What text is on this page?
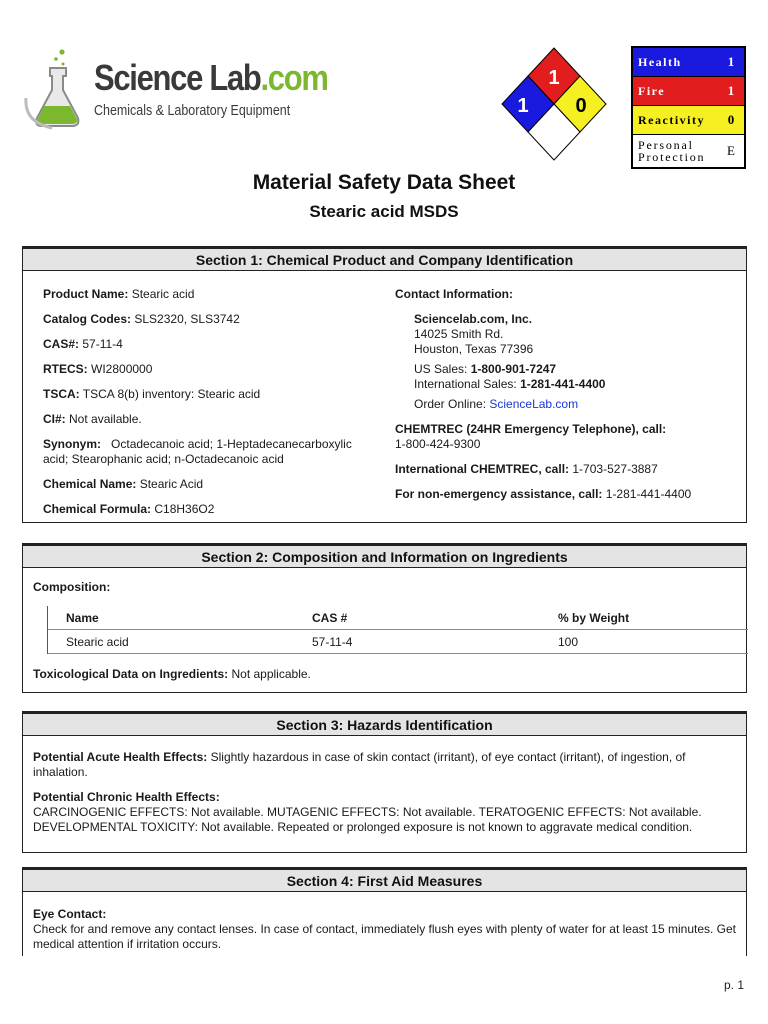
Science Lab.com
Chemicals & Laboratory Equipment
1
1 0
Health	1
Fire	1
Reactivity	0
Personal Protection	E
Material Safety Data Sheet
Stearic acid MSDS
Section 1: Chemical Product and Company Identification
Product Name: Stearic acid
Catalog Codes: SLS2320, SLS3742
CAS#: 57-11-4
RTECS: WI2800000
TSCA: TSCA 8(b) inventory: Stearic acid
CI#: Not available.
Synonym: Octadecanoic acid; 1-Heptadecanecarboxylic acid; Stearophanic acid; n-Octadecanoic acid
Chemical Name: Stearic Acid
Chemical Formula: C18H36O2
Contact Information:
Sciencelab.com, Inc.
14025 Smith Rd.
Houston, Texas 77396
US Sales: 1-800-901-7247
International Sales: 1-281-441-4400
Order Online: ScienceLab.com
CHEMTREC (24HR Emergency Telephone), call:
1-800-424-9300
International CHEMTREC, call: 1-703-527-3887
For non-emergency assistance, call: 1-281-441-4400
Section 2: Composition and Information on Ingredients
Composition:
Name	CAS #	% by Weight
Stearic acid	57-11-4	100
Toxicological Data on Ingredients: Not applicable.
Section 3: Hazards Identification
Potential Acute Health Effects: Slightly hazardous in case of skin contact (irritant), of eye contact (irritant), of ingestion, of inhalation.
Potential Chronic Health Effects:
CARCINOGENIC EFFECTS: Not available. MUTAGENIC EFFECTS: Not available. TERATOGENIC EFFECTS: Not available. DEVELOPMENTAL TOXICITY: Not available. Repeated or prolonged exposure is not known to aggravate medical condition.
Section 4: First Aid Measures
Eye Contact:
Check for and remove any contact lenses. In case of contact, immediately flush eyes with plenty of water for at least 15 minutes. Get medical attention if irritation occurs.
p. 1
